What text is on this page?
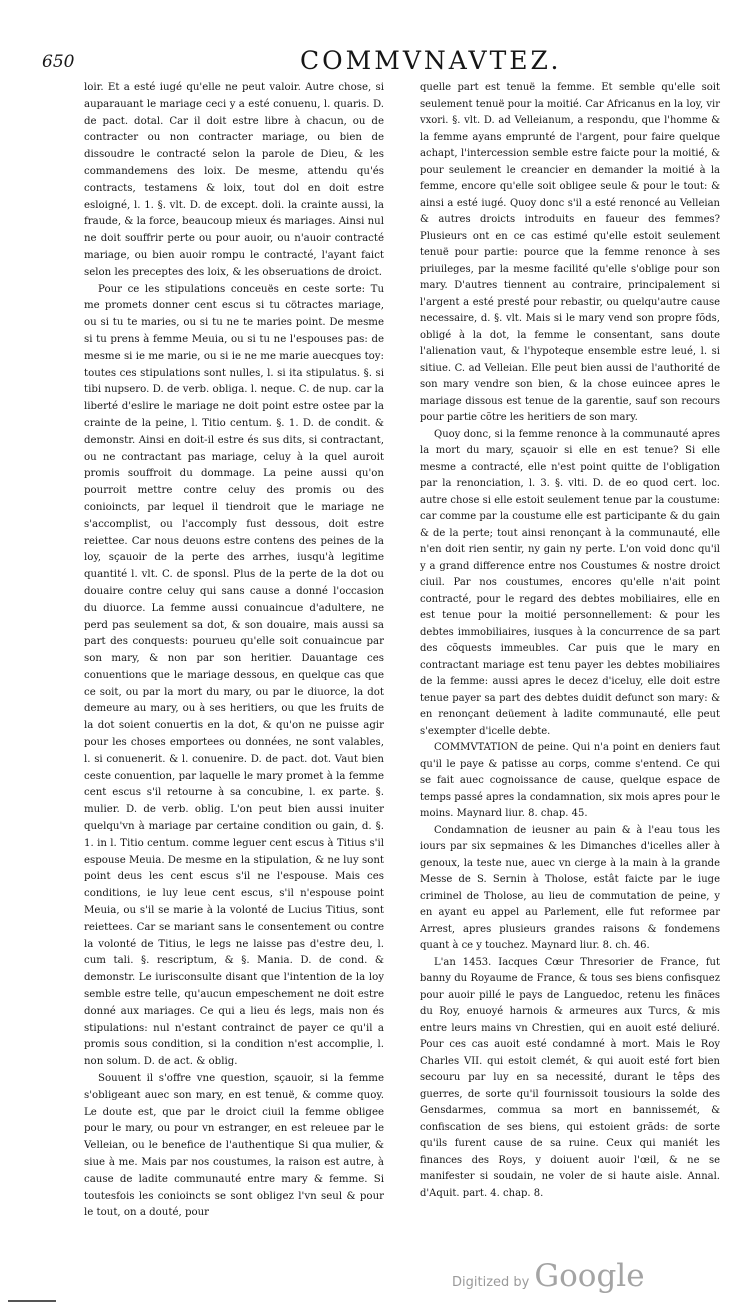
650	COMMVNAVTEZ.

loir. Et a esté iugé qu'elle ne peut valoir. Autre chose, si auparauant le mariage ceci y a esté conuenu, l. quaris. D. de pact. dotal. Car il doit estre libre à chacun, ou de contracter ou non contracter mariage, ou bien de dissoudre le contracté selon la parole de Dieu, & les commandemens des loix. De mesme, attendu qu'és contracts, testamens & loix, tout dol en doit estre esloigné, l. 1. §. vlt. D. de except. doli. la crainte aussi, la fraude, & la force, beaucoup mieux és mariages. Ainsi nul ne doit souffrir perte ou pour auoir, ou n'auoir contracté mariage, ou bien auoir rompu le contracté, l'ayant faict selon les preceptes des loix, & les obseruations de droict.

Pour ce les stipulations conceuës en ceste sorte: Tu me promets donner cent escus si tu cötractes mariage, ou si tu te maries, ou si tu ne te maries point. De mesme si tu prens à femme Meuia, ou si tu ne l'espouses pas: de mesme si ie me marie, ou si ie ne me marie auecques toy: toutes ces stipulations sont nulles, l. si ita stipulatus. §. si tibi nupsero. D. de verb. obliga. l. neque. C. de nup. car la liberté d'eslire le mariage ne doit point estre ostee par la crainte de la peine, l. Titio centum. §. 1. D. de condit. & demonstr. Ainsi en doit-il estre és sus dits, si contractant, ou ne contractant pas mariage, celuy à la quel auroit promis souffroit du dommage. La peine aussi qu'on pourroit mettre contre celuy des promis ou des conioincts, par lequel il tiendroit que le mariage ne s'accomplist, ou l'accomply fust dessous, doit estre reiettee. Car nous deuons estre contens des peines de la loy, sçauoir de la perte des arrhes, iusqu'à legitime quantité l. vlt. C. de sponsl. Plus de la perte de la dot ou douaire contre celuy qui sans cause a donné l'occasion du diuorce. La femme aussi conuaincue d'adultere, ne perd pas seulement sa dot, & son douaire, mais aussi sa part des conquests: pourueu qu'elle soit conuaincue par son mary, & non par son heritier. Dauantage ces conuentions que le mariage dessous, en quelque cas que ce soit, ou par la mort du mary, ou par le diuorce, la dot demeure au mary, ou à ses heritiers, ou que les fruits de la dot soient conuertis en la dot, & qu'on ne puisse agir pour les choses emportees ou données, ne sont valables, l. si conuenerit. & l. conuenire. D. de pact. dot. Vaut bien ceste conuention, par laquelle le mary promet à la femme cent escus s'il retourne à sa concubine, l. ex parte. §. mulier. D. de verb. oblig. L'on peut bien aussi inuiter quelqu'vn à mariage par certaine condition ou gain, d. §. 1. in l. Titio centum. comme leguer cent escus à Titius s'il espouse Meuia. De mesme en la stipulation, & ne luy sont point deus les cent escus s'il ne l'espouse. Mais ces conditions, ie luy leue cent escus, s'il n'espouse point Meuia, ou s'il se marie à la volonté de Lucius Titius, sont reiettees. Car se mariant sans le consentement ou contre la volonté de Titius, le legs ne laisse pas d'estre deu, l. cum tali. §. rescriptum, & §. Mania. D. de cond. & demonstr. Le iurisconsulte disant que l'intention de la loy semble estre telle, qu'aucun empeschement ne doit estre donné aux mariages. Ce qui a lieu és legs, mais non és stipulations: nul n'estant contrainct de payer ce qu'il a promis sous condition, si la condition n'est accomplie, l. non solum. D. de act. & oblig.

Souuent il s'offre vne question, sçauoir, si la femme s'obligeant auec son mary, en est tenuë, & comme quoy. Le doute est, que par le droict ciuil la femme obligee pour le mary, ou pour vn estranger, en est releuee par le Velleian, ou le benefice de l'authentique Si qua mulier, & siue à me. Mais par nos coustumes, la raison est autre, à cause de ladite communauté entre mary & femme. Si toutesfois les conioincts se sont obligez l'vn seul & pour le tout, on a douté, pour

quelle part est tenuë la femme. Et semble qu'elle soit seulement tenuë pour la moitié. Car Africanus en la loy, vir vxori. §. vlt. D. ad Velleianum, a respondu, que l'homme & la femme ayans emprunté de l'argent, pour faire quelque achapt, l'intercession semble estre faicte pour la moitié, & pour seulement le creancier en demander la moitié à la femme, encore qu'elle soit obligee seule & pour le tout: & ainsi a esté iugé. Quoy donc s'il a esté renoncé au Velleian & autres droicts introduits en faueur des femmes? Plusieurs ont en ce cas estimé qu'elle estoit seulement tenuë pour partie: pource que la femme renonce à ses priuileges, par la mesme facilité qu'elle s'oblige pour son mary. D'autres tiennent au contraire, principalement si l'argent a esté presté pour rebastir, ou quelqu'autre cause necessaire, d. §. vlt. Mais si le mary vend son propre fõds, obligé à la dot, la femme le consentant, sans doute l'alienation vaut, & l'hypoteque ensemble estre leué, l. si sitiue. C. ad Velleian. Elle peut bien aussi de l'authorité de son mary vendre son bien, & la chose euincee apres le mariage dissous est tenue de la garentie, sauf son recours pour partie cõtre les heritiers de son mary.

Quoy donc, si la femme renonce à la communauté apres la mort du mary, sçauoir si elle en est tenue? Si elle mesme a contracté, elle n'est point quitte de l'obligation par la renonciation, l. 3. §. vlti. D. de eo quod cert. loc. autre chose si elle estoit seulement tenue par la coustume: car comme par la coustume elle est participante & du gain & de la perte; tout ainsi renonçant à la communauté, elle n'en doit rien sentir, ny gain ny perte. L'on void donc qu'il y a grand difference entre nos Coustumes & nostre droict ciuil. Par nos coustumes, encores qu'elle n'ait point contracté, pour le regard des debtes mobiliaires, elle en est tenue pour la moitié personnellement: & pour les debtes immobiliaires, iusques à la concurrence de sa part des cõquests immeubles. Car puis que le mary en contractant mariage est tenu payer les debtes mobiliaires de la femme: aussi apres le decez d'iceluy, elle doit estre tenue payer sa part des debtes duidit defunct son mary: & en renonçant deüement à ladite communauté, elle peut s'exempter d'icelle debte.

COMMVTATION de peine. Qui n'a point en deniers faut qu'il le paye & patisse au corps, comme s'entend. Ce qui se fait auec cognoissance de cause, quelque espace de temps passé apres la condamnation, six mois apres pour le moins. Maynard liur. 8. chap. 45.

Condamnation de ieusner au pain & à l'eau tous les iours par six sepmaines & les Dimanches d'icelles aller à genoux, la teste nue, auec vn cierge à la main à la grande Messe de S. Sernin à Tholose, estât faicte par le iuge criminel de Tholose, au lieu de commutation de peine, y en ayant eu appel au Parlement, elle fut reformee par Arrest, apres plusieurs grandes raisons & fondemens quant à ce y touchez. Maynard liur. 8. ch. 46.

L'an 1453. Iacques Cœur Thresorier de France, fut banny du Royaume de France, & tous ses biens confisquez pour auoir pillé le pays de Languedoc, retenu les finãces du Roy, enuoyé harnois & armeures aux Turcs, & mis entre leurs mains vn Chrestien, qui en auoit esté deliuré. Pour ces cas auoit esté condamné à mort. Mais le Roy Charles VII. qui estoit clemét, & qui auoit esté fort bien secouru par luy en sa necessité, durant le têps des guerres, de sorte qu'il fournissoit tousiours la solde des Gensdarmes, commua sa mort en bannissemét, & confiscation de ses biens, qui estoient grãds: de sorte qu'ils furent cause de sa ruine. Ceux qui maniét les finances des Roys, y doiuent auoir l'œil, & ne se manifester si soudain, ne voler de si haute aisle. Annal. d'Aquit. part. 4. chap. 8.

Digitized by Google
